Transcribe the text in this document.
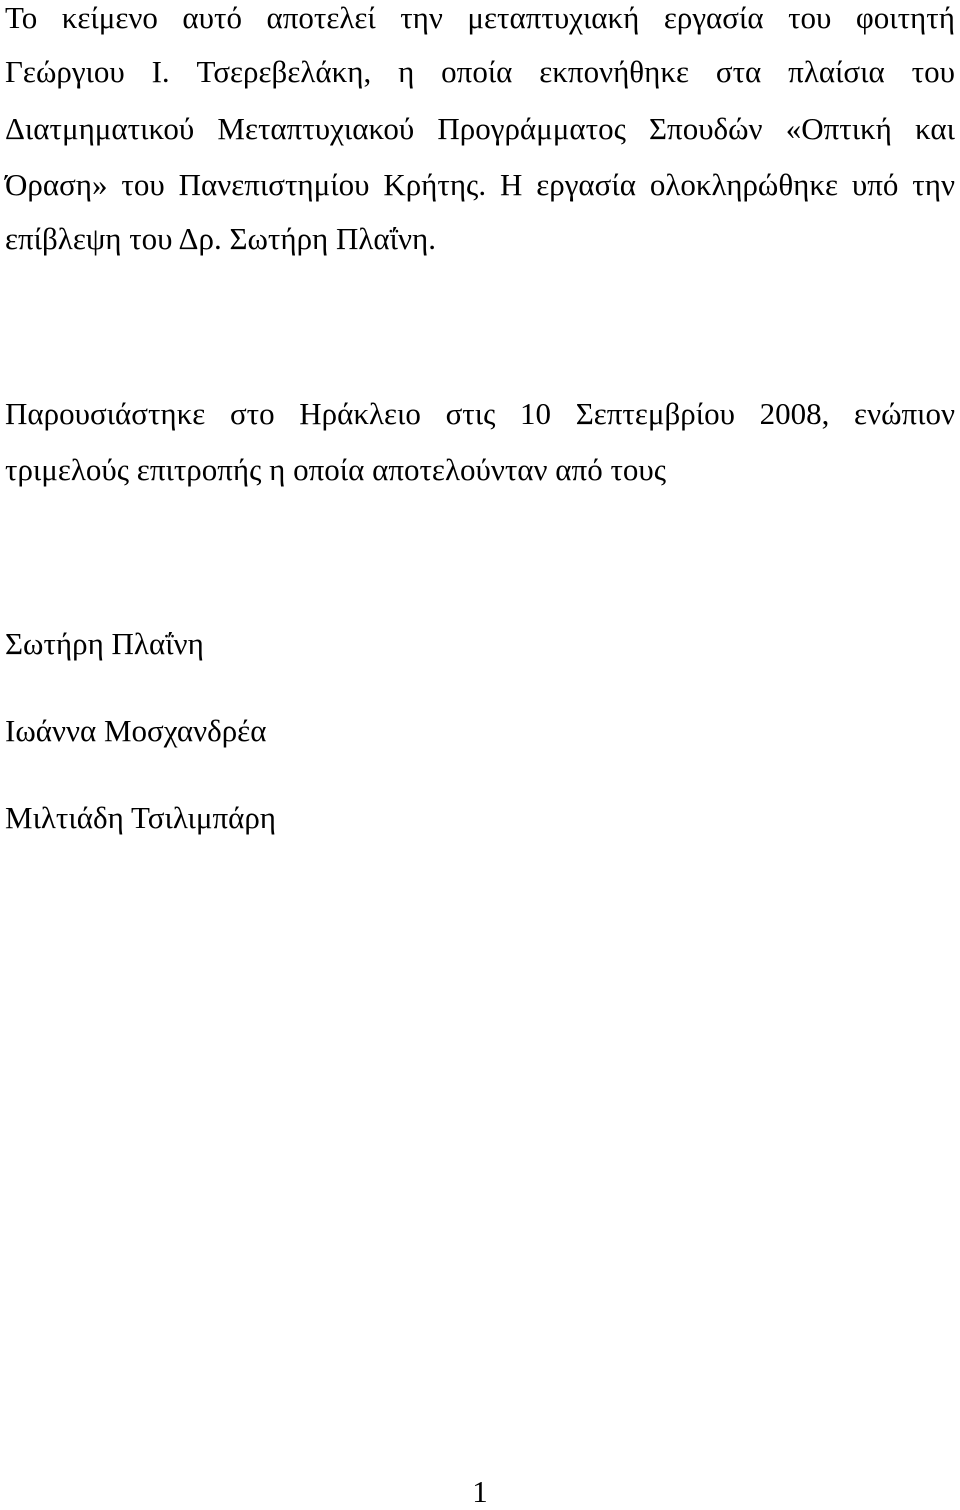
Το κείμενο αυτό αποτελεί την μεταπτυχιακή εργασία του φοιτητή
Γεώργιου Ι. Τσερεβελάκη, η οποία εκπονήθηκε στα πλαίσια του
Διατμηματικού Μεταπτυχιακού Προγράμματος Σπουδών «Οπτική και
Όραση» του Πανεπιστημίου Κρήτης. Η εργασία ολοκληρώθηκε υπό την
επίβλεψη του Δρ. Σωτήρη Πλαΐνη.
Παρουσιάστηκε στο Ηράκλειο στις 10 Σεπτεμβρίου 2008, ενώπιον
τριμελούς επιτροπής η οποία αποτελούνταν από τους
Σωτήρη Πλαΐνη
Ιωάννα Μοσχανδρέα
Μιλτιάδη Τσιλιμπάρη
1
